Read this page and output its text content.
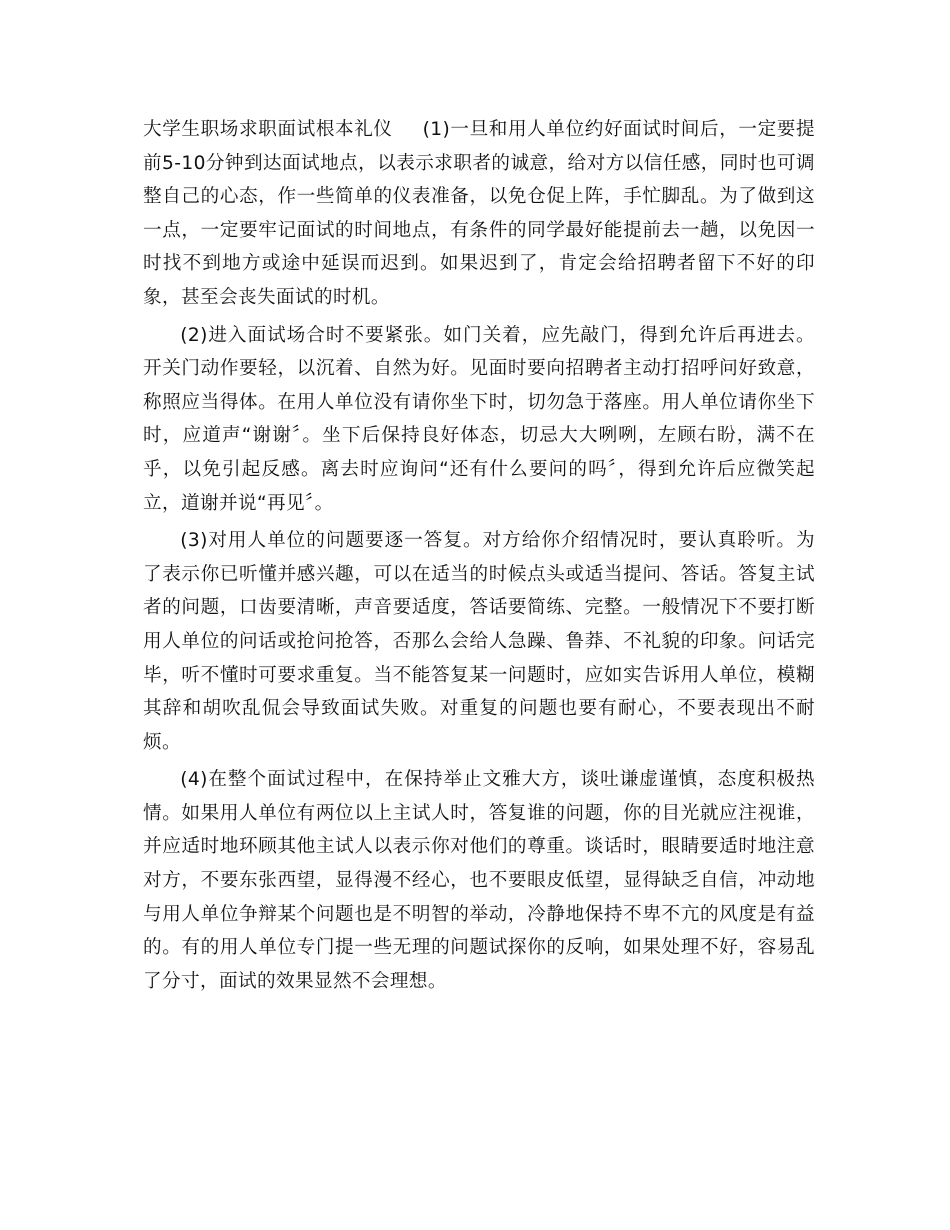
大学生职场求职面试根本礼仪 (1)一旦和用人单位约好面试时间后，一定要提前5-10分钟到达面试地点，以表示求职者的诚意，给对方以信任感，同时也可调整自己的心态，作一些简单的仪表准备，以免仓促上阵，手忙脚乱。为了做到这一点，一定要牢记面试的时间地点，有条件的同学最好能提前去一趟，以免因一时找不到地方或途中延误而迟到。如果迟到了，肯定会给招聘者留下不好的印象，甚至会丧失面试的时机。

(2)进入面试场合时不要紧张。如门关着，应先敲门，得到允许后再进去。开关门动作要轻，以沉着、自然为好。见面时要向招聘者主动打招呼问好致意，称照应当得体。在用人单位没有请你坐下时，切勿急于落座。用人单位请你坐下时，应道声“谢谢〞。坐下后保持良好体态，切忌大大咧咧，左顾右盼，满不在乎，以免引起反感。离去时应询问“还有什么要问的吗〞，得到允许后应微笑起立，道谢并说“再见〞。

(3)对用人单位的问题要逐一答复。对方给你介绍情况时，要认真聆听。为了表示你已听懂并感兴趣，可以在适当的时候点头或适当提问、答话。答复主试者的问题，口齿要清晰，声音要适度，答话要简练、完整。一般情况下不要打断用人单位的问话或抢问抢答，否那么会给人急躁、鲁莽、不礼貌的印象。问话完毕，听不懂时可要求重复。当不能答复某一问题时，应如实告诉用人单位，模糊其辞和胡吹乱侃会导致面试失败。对重复的问题也要有耐心，不要表现出不耐烦。

(4)在整个面试过程中，在保持举止文雅大方，谈吐谦虚谨慎，态度积极热情。如果用人单位有两位以上主试人时，答复谁的问题，你的目光就应注视谁，并应适时地环顾其他主试人以表示你对他们的尊重。谈话时，眼睛要适时地注意对方，不要东张西望，显得漫不经心，也不要眼皮低望，显得缺乏自信，冲动地与用人单位争辩某个问题也是不明智的举动，冷静地保持不卑不亢的风度是有益的。有的用人单位专门提一些无理的问题试探你的反响，如果处理不好，容易乱了分寸，面试的效果显然不会理想。
